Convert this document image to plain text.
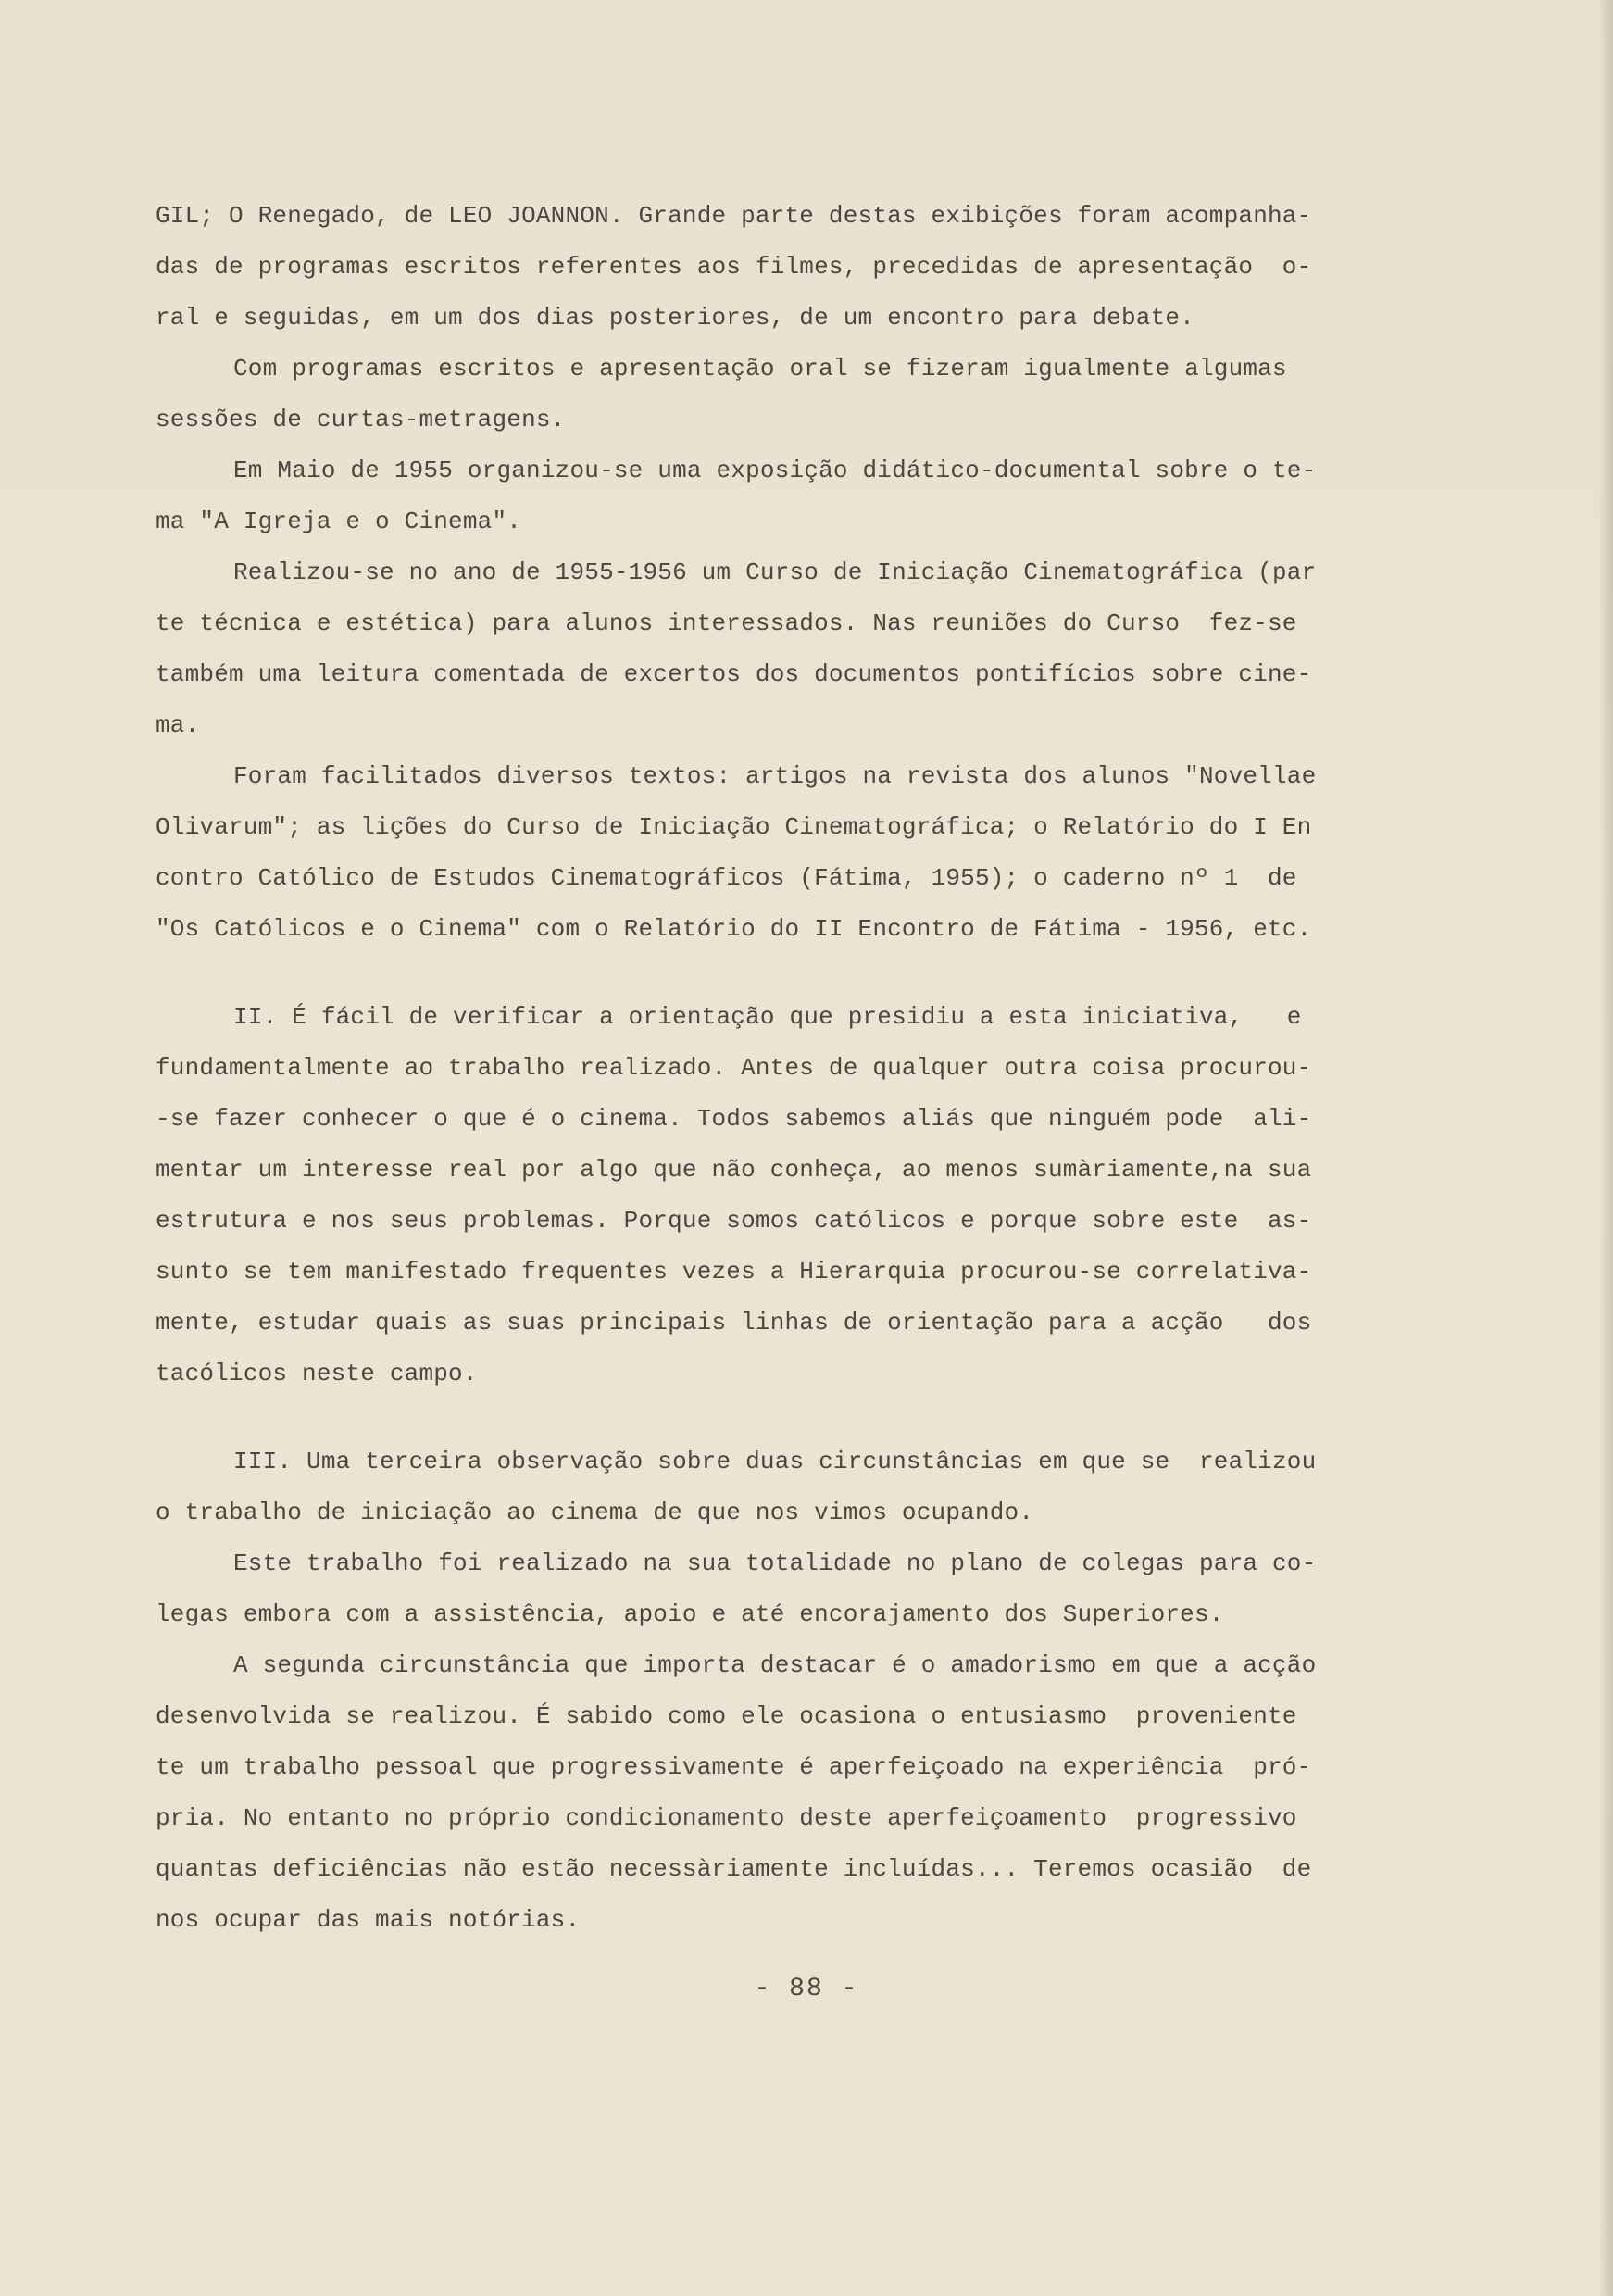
GIL; O Renegado, de LEO JOANNON. Grande parte destas exibições foram acompanha-
das de programas escritos referentes aos filmes, precedidas de apresentação  o-
ral e seguidas, em um dos dias posteriores, de um encontro para debate.
Com programas escritos e apresentação oral se fizeram igualmente algumas
sessões de curtas-metragens.
Em Maio de 1955 organizou-se uma exposição didático-documental sobre o te-
ma "A Igreja e o Cinema".
Realizou-se no ano de 1955-1956 um Curso de Iniciação Cinematográfica (par
te técnica e estética) para alunos interessados. Nas reuniões do Curso  fez-se
também uma leitura comentada de excertos dos documentos pontifícios sobre cine-
ma.
Foram facilitados diversos textos: artigos na revista dos alunos "Novellae
Olivarum"; as lições do Curso de Iniciação Cinematográfica; o Relatório do I En
contro Católico de Estudos Cinematográficos (Fátima, 1955); o caderno nº 1  de
"Os Católicos e o Cinema" com o Relatório do II Encontro de Fátima - 1956, etc.
II. É fácil de verificar a orientação que presidiu a esta iniciativa,   e
fundamentalmente ao trabalho realizado. Antes de qualquer outra coisa procurou-
-se fazer conhecer o que é o cinema. Todos sabemos aliás que ninguém pode  ali-
mentar um interesse real por algo que não conheça, ao menos sumàriamente,na sua
estrutura e nos seus problemas. Porque somos católicos e porque sobre este  as-
sunto se tem manifestado frequentes vezes a Hierarquia procurou-se correlativa-
mente, estudar quais as suas principais linhas de orientação para a acção   dos
tacólicos neste campo.
III. Uma terceira observação sobre duas circunstâncias em que se  realizou
o trabalho de iniciação ao cinema de que nos vimos ocupando.
Este trabalho foi realizado na sua totalidade no plano de colegas para co-
legas embora com a assistência, apoio e até encorajamento dos Superiores.
A segunda circunstância que importa destacar é o amadorismo em que a acção
desenvolvida se realizou. É sabido como ele ocasiona o entusiasmo  proveniente
te um trabalho pessoal que progressivamente é aperfeiçoado na experiência  pró-
pria. No entanto no próprio condicionamento deste aperfeiçoamento  progressivo
quantas deficiências não estão necessàriamente incluídas... Teremos ocasião  de
nos ocupar das mais notórias.
- 88 -
